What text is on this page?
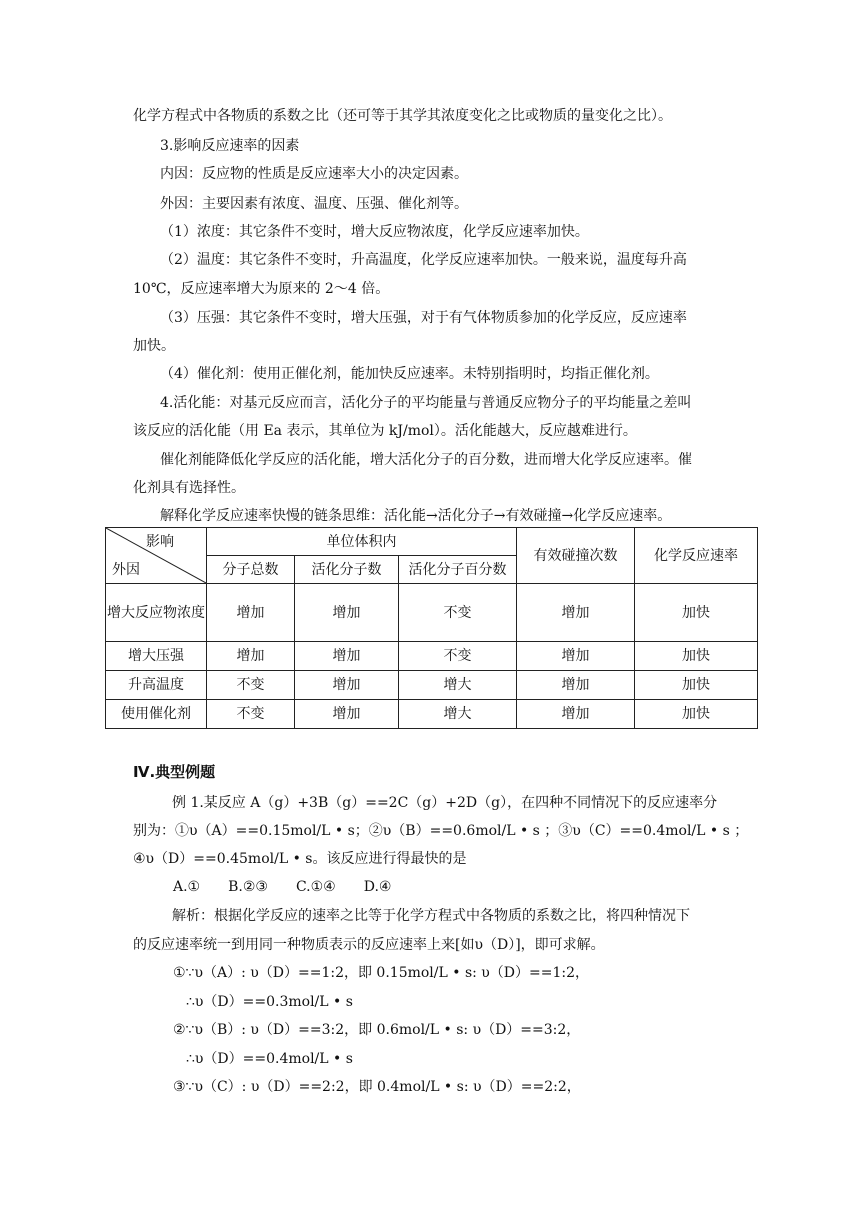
化学方程式中各物质的系数之比（还可等于其学其浓度变化之比或物质的量变化之比）。
3.影响反应速率的因素
内因：反应物的性质是反应速率大小的决定因素。
外因：主要因素有浓度、温度、压强、催化剂等。
（1）浓度：其它条件不变时，增大反应物浓度，化学反应速率加快。
（2）温度：其它条件不变时，升高温度，化学反应速率加快。一般来说，温度每升高
10℃，反应速率增大为原来的 2～4 倍。
（3）压强：其它条件不变时，增大压强，对于有气体物质参加的化学反应，反应速率
加快。
（4）催化剂：使用正催化剂，能加快反应速率。未特别指明时，均指正催化剂。
4.活化能：对基元反应而言，活化分子的平均能量与普通反应物分子的平均能量之差叫
该反应的活化能（用 Ea 表示，其单位为 kJ/mol）。活化能越大，反应越难进行。
催化剂能降低化学反应的活化能，增大活化分子的百分数，进而增大化学反应速率。催
化剂具有选择性。
解释化学反应速率快慢的链条思维：活化能→活化分子→有效碰撞→化学反应速率。
影响
外因	单位体积内			有效碰撞次数	化学反应速率
	分子总数	活化分子数	活化分子百分数		
增大反应物浓度	增加	增加	不变	增加	加快
增大压强	增加	增加	不变	增加	加快
升高温度	不变	增加	增大	增加	加快
使用催化剂	不变	增加	增大	增加	加快
Ⅳ.典型例题
例 1.某反应 A（g）+3B（g）==2C（g）+2D（g），在四种不同情况下的反应速率分
别为：①υ（A）==0.15mol/L • s；②υ（B）==0.6mol/L • s ；③υ（C）==0.4mol/L • s ；
④υ（D）==0.45mol/L • s。该反应进行得最快的是
A.①　　B.②③　　C.①④　　D.④
解析：根据化学反应的速率之比等于化学方程式中各物质的系数之比，将四种情况下
的反应速率统一到用同一种物质表示的反应速率上来[如υ（D）]，即可求解。
①∵υ（A）: υ（D）==1:2，即 0.15mol/L • s: υ（D）==1:2，
∴υ（D）==0.3mol/L • s
②∵υ（B）: υ（D）==3:2，即 0.6mol/L • s: υ（D）==3:2，
∴υ（D）==0.4mol/L • s
③∵υ（C）: υ（D）==2:2，即 0.4mol/L • s: υ（D）==2:2，
